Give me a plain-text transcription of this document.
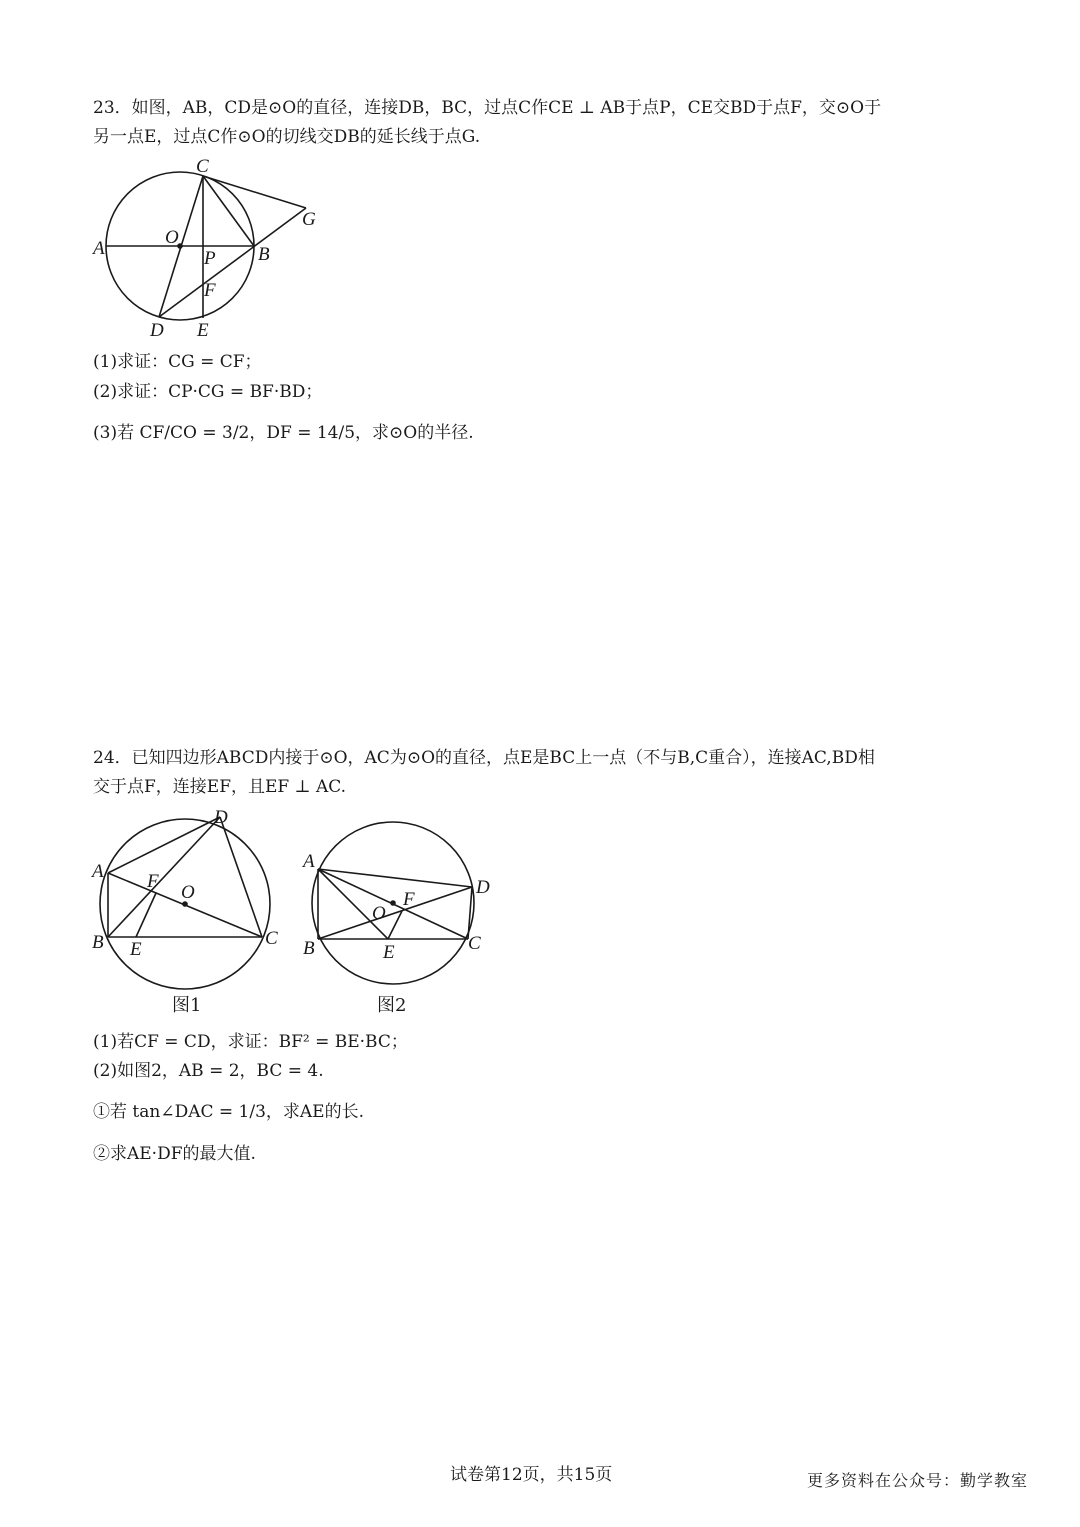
23．如图，AB，CD是⊙O的直径，连接DB，BC，过点C作CE ⊥ AB于点P，CE交BD于点F，交⊙O于
另一点E，过点C作⊙O的切线交DB的延长线于点G.
A	B
C
D E
F
G
O
P
(1)求证：CG = CF；
(2)求证：CP·CG = BF·BD；
(3)若 CF/CO = 3/2，DF = 14/5，求⊙O的半径.
24．已知四边形ABCD内接于⊙O，AC为⊙O的直径，点E是BC上一点（不与B,C重合），连接AC,BD相
交于点F，连接EF，且EF ⊥ AC.
A
B	C
D
E
F
O
图1
A
B	C
D
E
F
O
图2
(1)若CF = CD，求证：BF² = BE·BC；
(2)如图2，AB = 2，BC = 4.
①若 tan∠DAC = 1/3，求AE的长.
②求AE·DF的最大值.
试卷第12页，共15页	更多资料在公众号：勤学教室
